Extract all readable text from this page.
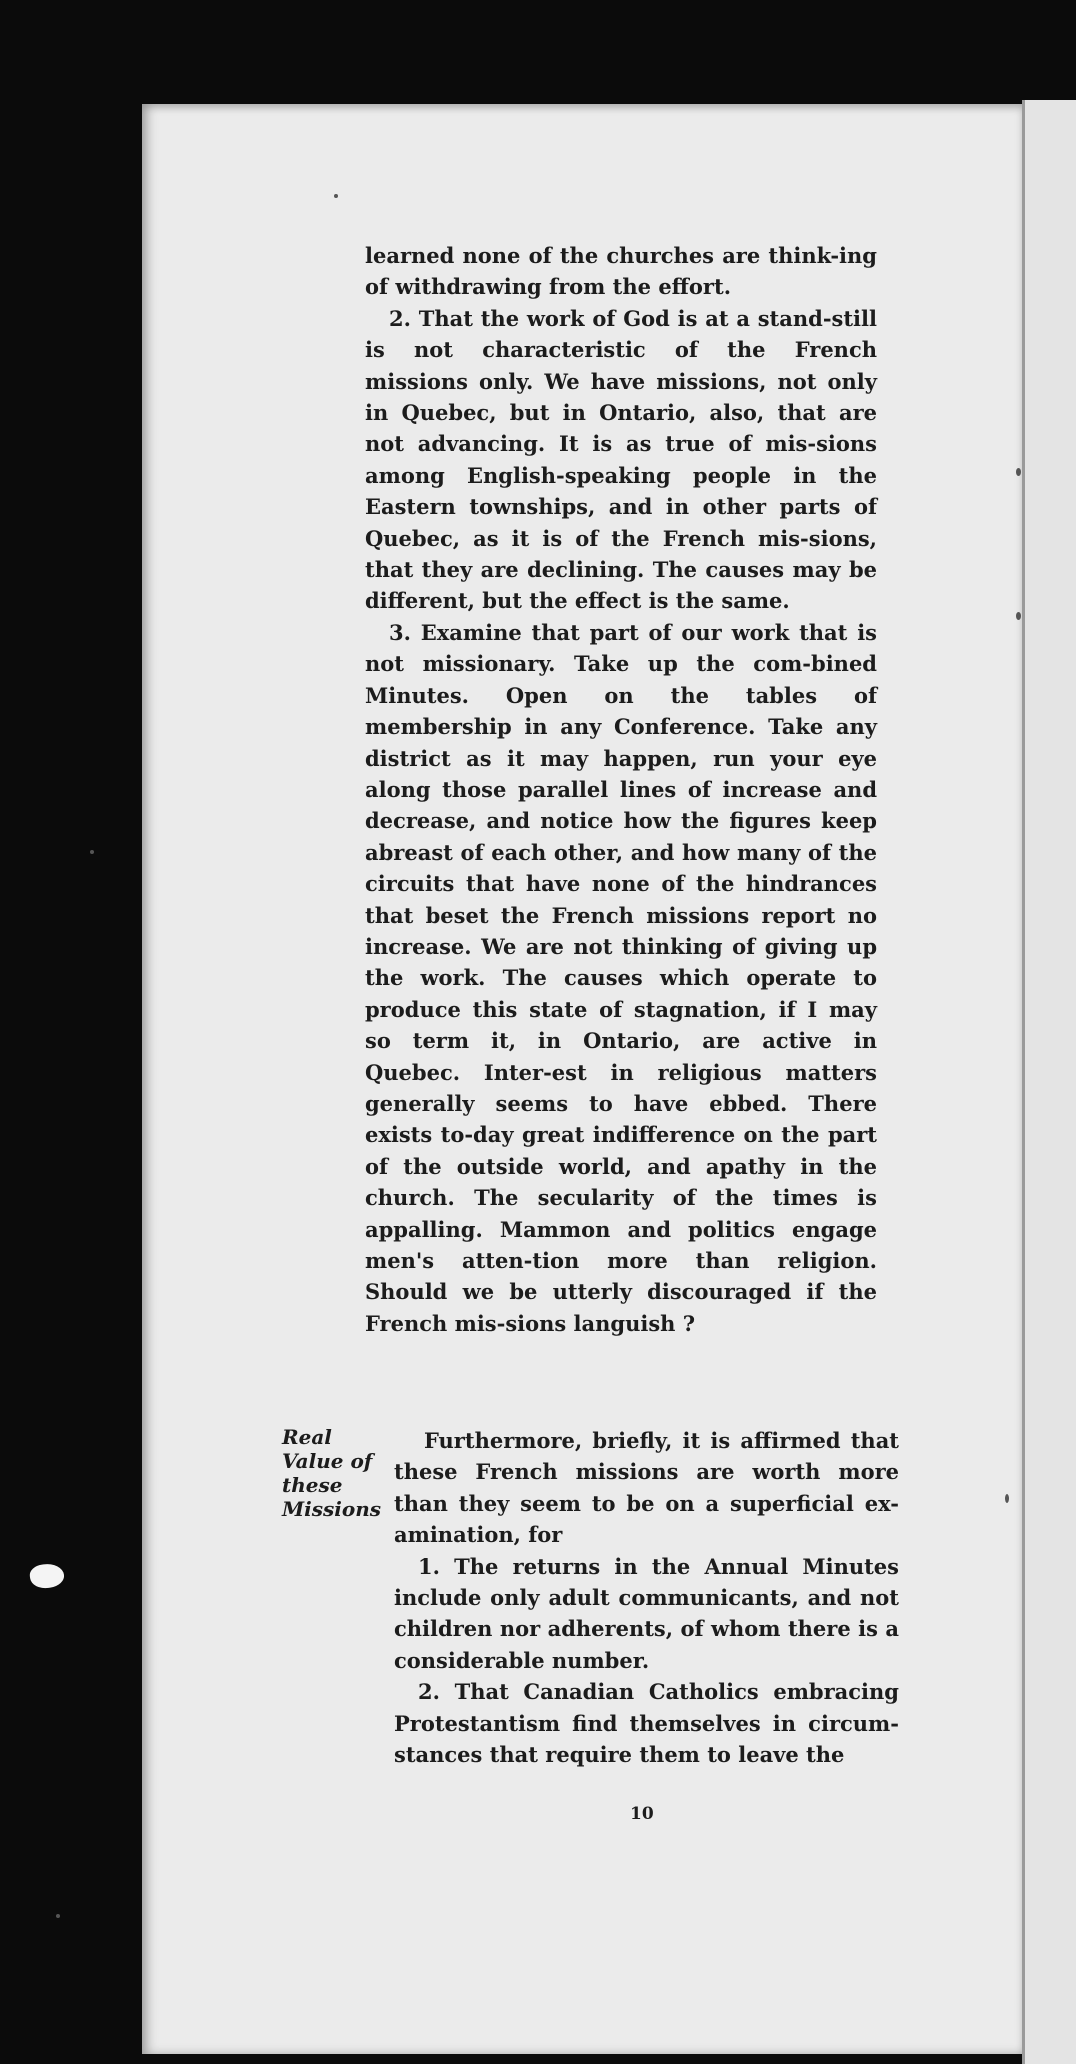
learned none of the churches are think-ing of withdrawing from the effort.

2. That the work of God is at a stand-still is not characteristic of the French missions only. We have missions, not only in Quebec, but in Ontario, also, that are not advancing. It is as true of mis-sions among English-speaking people in the Eastern townships, and in other parts of Quebec, as it is of the French mis-sions, that they are declining. The causes may be different, but the effect is the same.

3. Examine that part of our work that is not missionary. Take up the com-bined Minutes. Open on the tables of membership in any Conference. Take any district as it may happen, run your eye along those parallel lines of increase and decrease, and notice how the figures keep abreast of each other, and how many of the circuits that have none of the hindrances that beset the French missions report no increase. We are not thinking of giving up the work. The causes which operate to produce this state of stagnation, if I may so term it, in Ontario, are active in Quebec. Inter-est in religious matters generally seems to have ebbed. There exists to-day great indifference on the part of the outside world, and apathy in the church. The secularity of the times is appalling. Mammon and politics engage men's atten-tion more than religion. Should we be utterly discouraged if the French mis-sions languish ?

Real Value of
these
Missions

Furthermore, briefly, it is affirmed that these French missions are worth more than they seem to be on a superficial ex-amination, for

1. The returns in the Annual Minutes include only adult communicants, and not children nor adherents, of whom there is a considerable number.

2. That Canadian Catholics embracing Protestantism find themselves in circum-stances that require them to leave the

10
